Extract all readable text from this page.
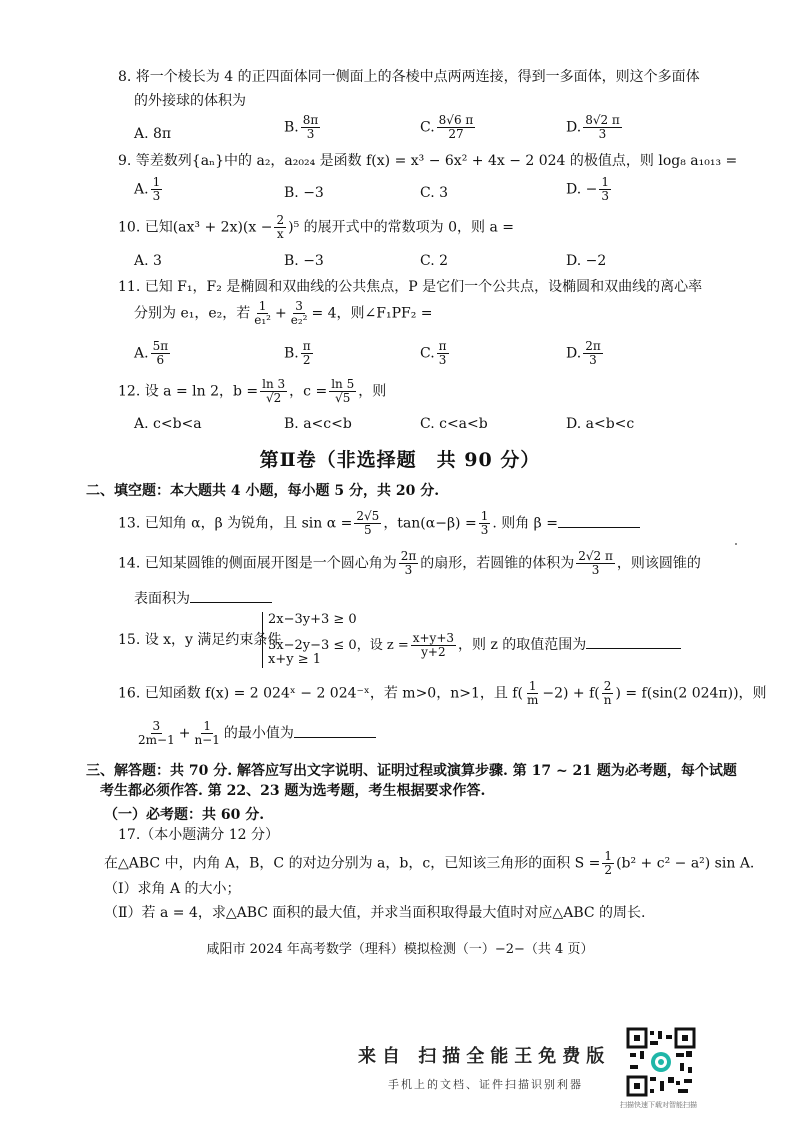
8. 将一个棱长为 4 的正四面体同一侧面上的各棱中点两两连接，得到一多面体，则这个多面体
的外接球的体积为
A. 8π	B. $\frac{8\pi}{3}$	C. $\frac{8√6 \pi}{27}$	D. $\frac{8√2 \pi}{3}$
9. 等差数列{aₙ}中的 a₂，a₂₀₂₄ 是函数 f(x) = x³ − 6x² + 4x − 2 024 的极值点，则 log₈ a₁₀₁₃ =
A. $\frac{1}{3}$	B. −3	C. 3	D. − $\frac{1}{3}$
10. 已知$(ax^3 + 2x)(x - \frac{2}{x} )^5$ 的展开式中的常数项为 0，则 a =
A. 3	B. −3	C. 2	D. −2
11. 已知 F₁，F₂ 是椭圆和双曲线的公共焦点，P 是它们一个公共点，设椭圆和双曲线的离心率
分别为 e₁，e₂，若 $\frac{1}{\text{e₁²}} + \frac{3}{\text{e₂²}} = 4$，则∠F₁PF₂ =
A. $\frac{5\pi}{6}$	B. $\frac{\pi}{2}$	C. $\frac{\pi}{3}$	D. $\frac{2\pi}{3}$
12. 设 a = ln 2，$b = \frac{\ln 3}{√2}$ ，$c = \frac{\ln 5}{√5}$ ，则
A. c<b<a	B. a<c<b	C. c<a<b	D. a<b<c
第Ⅱ卷（非选择题　共 90 分）
二、填空题：本大题共 4 小题，每小题 5 分，共 20 分.
13. 已知角 α，β 为锐角，且 $\sin \alpha = \frac{2√5}{5}$ ，$\tan(\alpha-\beta) = \frac{1}{3}$ . 则角 β =
14. 已知某圆锥的侧面展开图是一个圆心角为 $\frac{2\pi}{3}$ 的扇形，若圆锥的体积为 $\frac{2√2 \pi}{3}$ ，则该圆锥的
表面积为
15. 设 x，y 满足约束条件
2x−3y+3 ≥ 0
3x−2y−3 ≤ 0，设 $z = \frac{x+y+3}{y+2}$ ，则 z 的取值范围为
x+y ≥ 1
16. 已知函数 f(x) = 2 024ˣ − 2 024⁻ˣ，若 m>0，n>1，且 $f( \frac{1}{m} -2) + f( \frac{2}{n}$ ) = f(sin(2 024π))，则
$\frac{3}{2m-1} + \frac{1}{n-1}$ 的最小值为
三、解答题：共 70 分. 解答应写出文字说明、证明过程或演算步骤. 第 17 ~ 21 题为必考题，每个试题
考生都必须作答. 第 22、23 题为选考题，考生根据要求作答.
（一）必考题：共 60 分.
17.（本小题满分 12 分）
在△ABC 中，内角 A，B，C 的对边分别为 a，b，c，已知该三角形的面积 $S = \frac{1}{2} (b^2 + c^2 - a^2)$ sin A.
（Ⅰ）求角 A 的大小；
（Ⅱ）若 a = 4，求△ABC 面积的最大值，并求当面积取得最大值时对应△ABC 的周长.
咸阳市 2024 年高考数学（理科）模拟检测（一）−2−（共 4 页）
来自 扫描全能王免费版
手机上的文档、证件扫描识别利器
扫描快速下载对智能扫描
